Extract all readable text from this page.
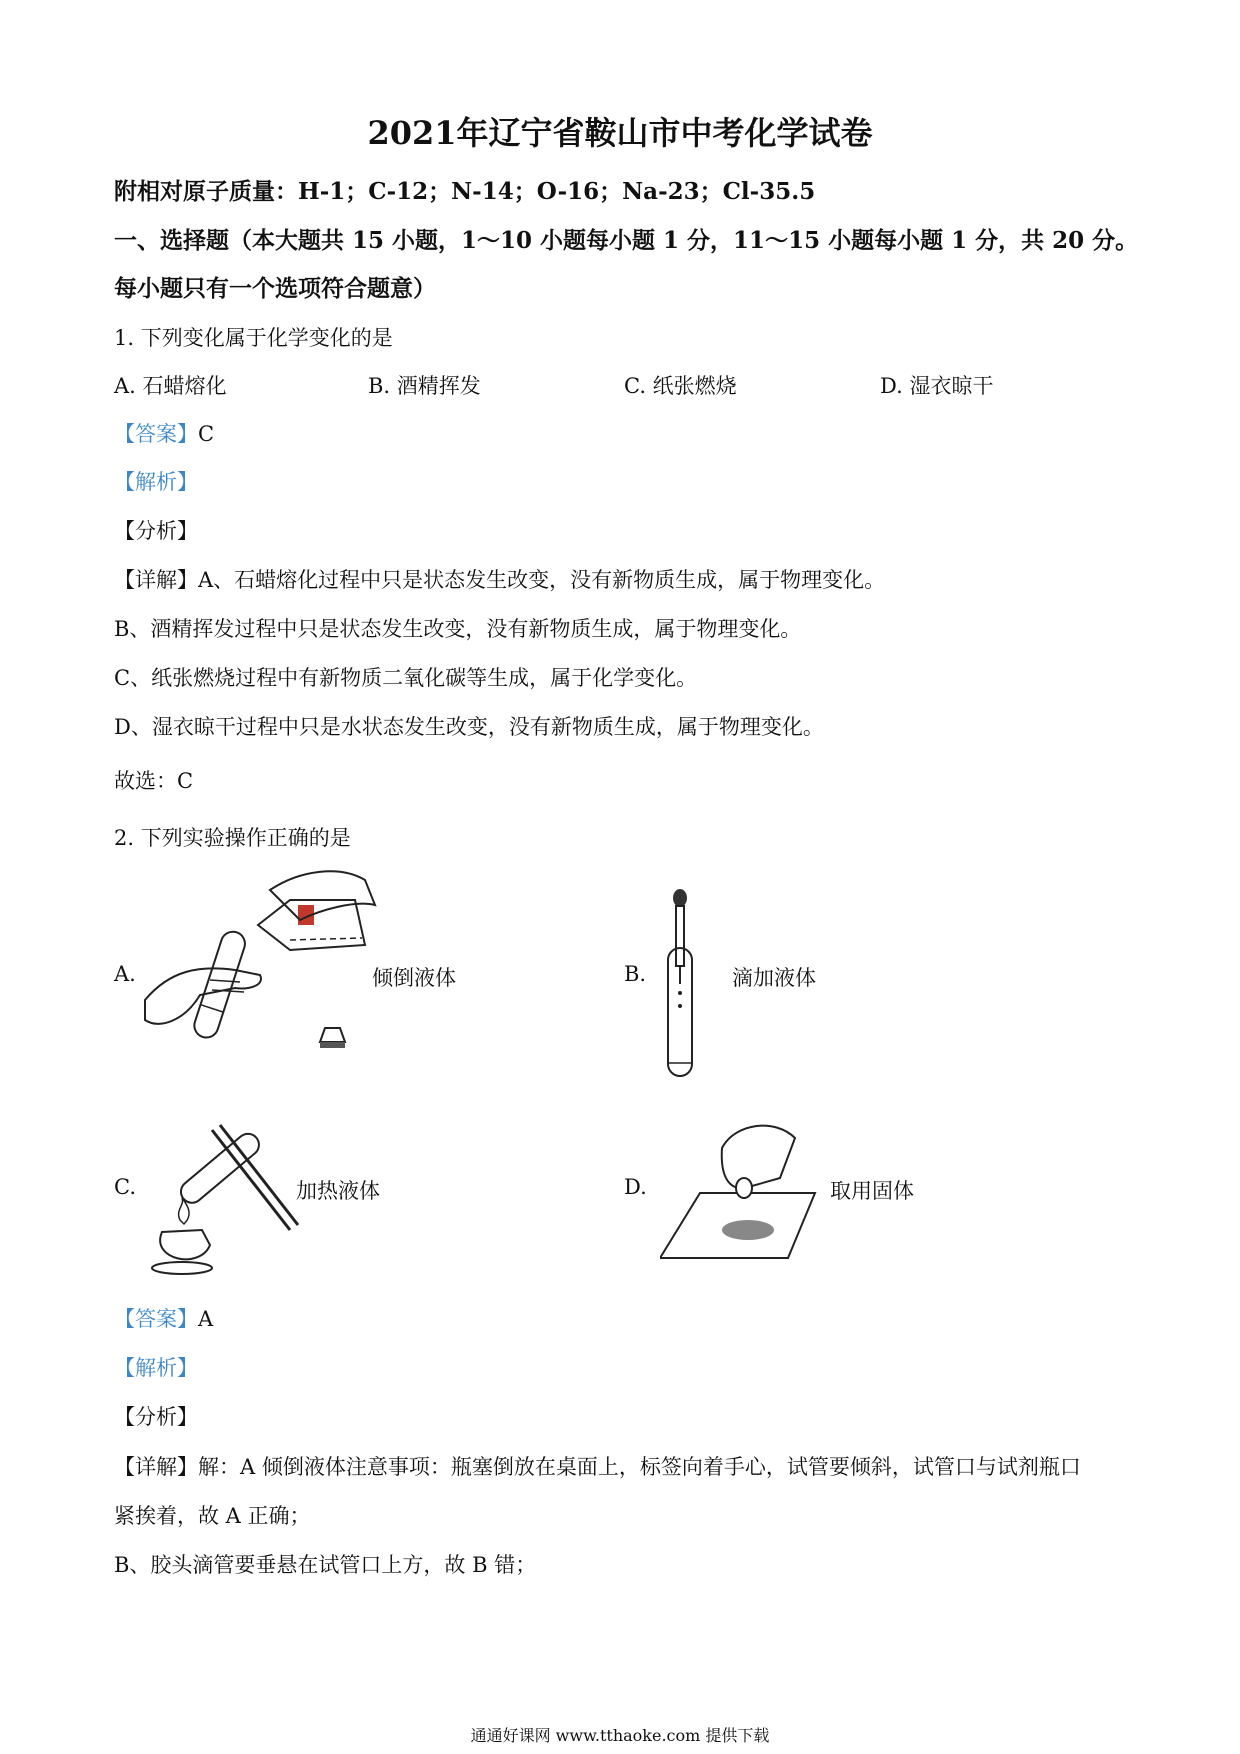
2021年辽宁省鞍山市中考化学试卷
附相对原子质量：H-1；C-12；N-14；O-16；Na-23；Cl-35.5
一、选择题（本大题共 15 小题，1～10 小题每小题 1 分，11～15 小题每小题 1 分，共 20 分。
每小题只有一个选项符合题意）
1. 下列变化属于化学变化的是
A. 石蜡熔化	B. 酒精挥发	C. 纸张燃烧	D. 湿衣晾干
【答案】C
【解析】
【分析】
【详解】A、石蜡熔化过程中只是状态发生改变，没有新物质生成，属于物理变化。
B、酒精挥发过程中只是状态发生改变，没有新物质生成，属于物理变化。
C、纸张燃烧过程中有新物质二氧化碳等生成，属于化学变化。
D、湿衣晾干过程中只是水状态发生改变，没有新物质生成，属于物理变化。
故选：C
2. 下列实验操作正确的是
A.	倾倒液体	B.	滴加液体
C.	加热液体	D.	取用固体
【答案】A
【解析】
【分析】
【详解】解：A 倾倒液体注意事项：瓶塞倒放在桌面上，标签向着手心，试管要倾斜，试管口与试剂瓶口
紧挨着，故 A 正确；
B、胶头滴管要垂悬在试管口上方，故 B 错；
通通好课网 www.tthaoke.com 提供下载
